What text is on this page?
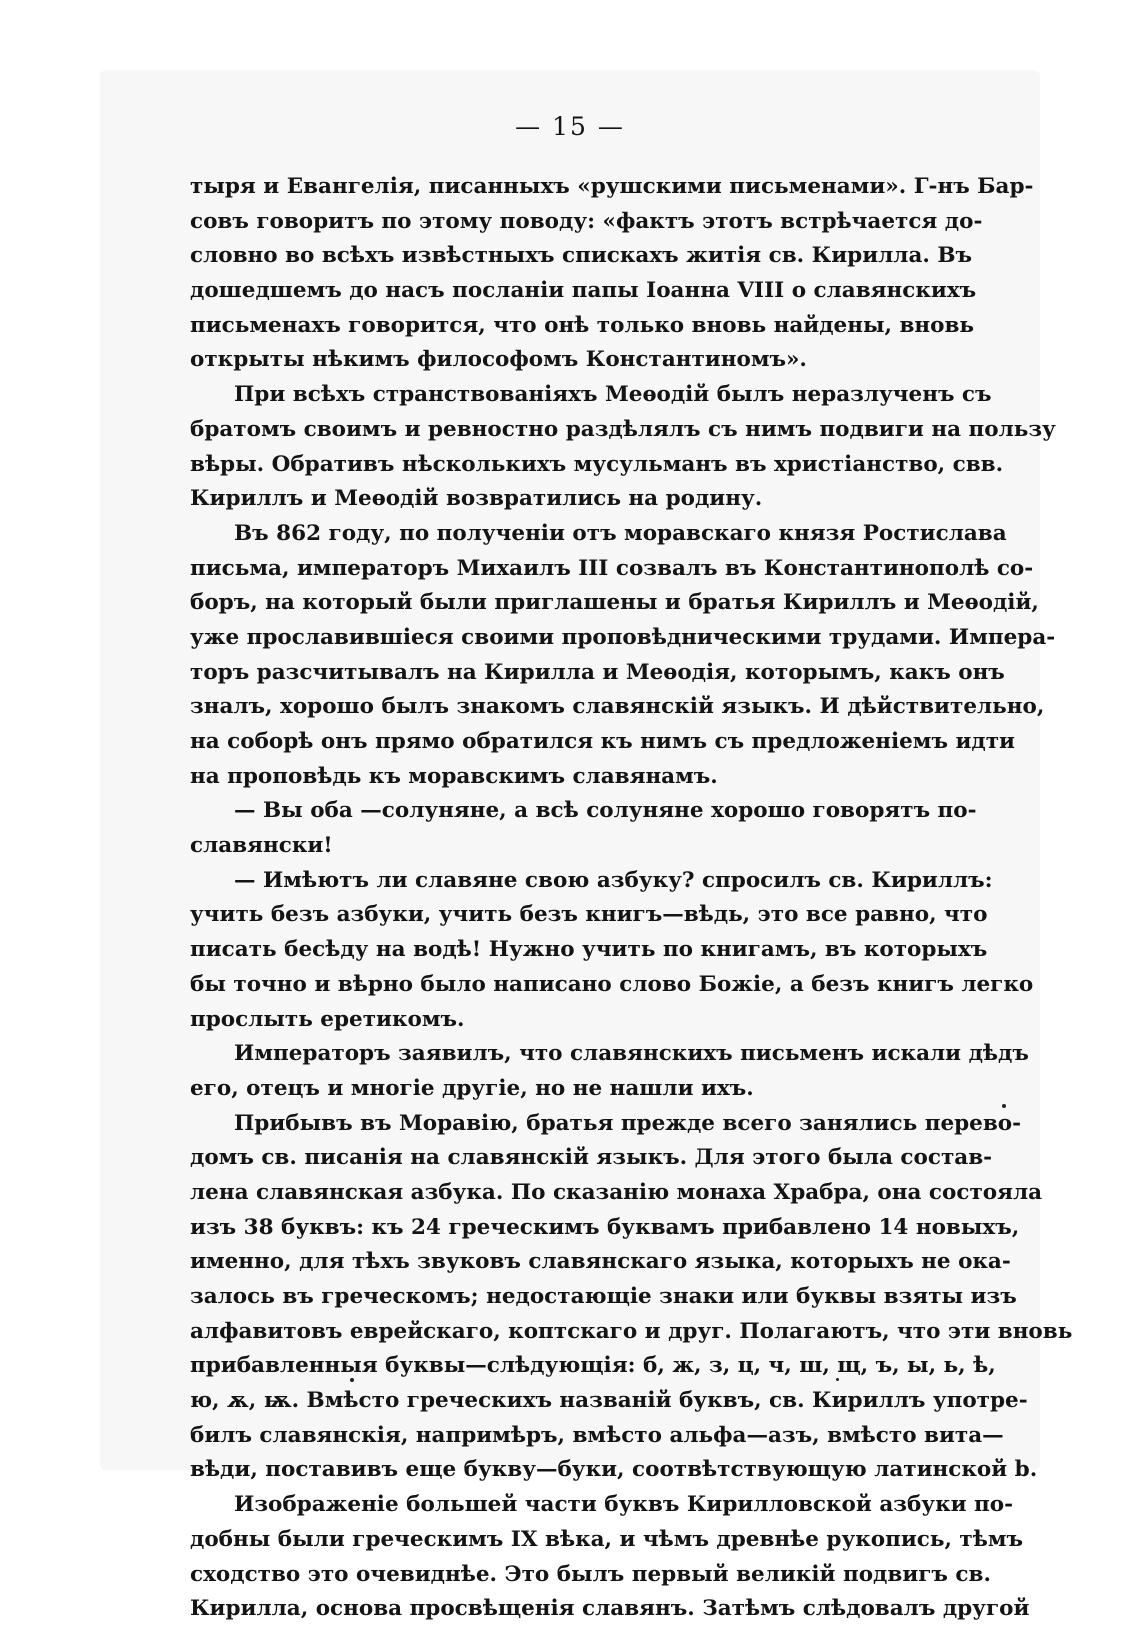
— 15 —
тыря и Евангелія, писанныхъ «рушскими письменами». Г-нъ Бар-
совъ говоритъ по этому поводу: «фактъ этотъ встрѣчается до-
словно во всѣхъ извѣстныхъ спискахъ житія св. Кирилла. Въ
дошедшемъ до насъ посланіи папы Іоанна VIII о славянскихъ
письменахъ говорится, что онѣ только вновь найдены, вновь
открыты нѣкимъ философомъ Константиномъ».
При всѣхъ странствованіяхъ Меѳодій былъ неразлученъ съ
братомъ своимъ и ревностно раздѣлялъ съ нимъ подвиги на пользу
вѣры. Обративъ нѣсколькихъ мусульманъ въ христіанство, свв.
Кириллъ и Меѳодій возвратились на родину.
Въ 862 году, по полученіи отъ моравскаго князя Ростислава
письма, императоръ Михаилъ III созвалъ въ Константинополѣ со-
боръ, на который были приглашены и братья Кириллъ и Меѳодій,
уже прославившіеся своими проповѣдническими трудами. Импера-
торъ разсчитывалъ на Кирилла и Меѳодія, которымъ, какъ онъ
зналъ, хорошо былъ знакомъ славянскій языкъ. И дѣйствительно,
на соборѣ онъ прямо обратился къ нимъ съ предложеніемъ идти
на проповѣдь къ моравскимъ славянамъ.
— Вы оба —солуняне, а всѣ солуняне хорошо говорятъ по-
славянски!
— Имѣютъ ли славяне свою азбуку? спросилъ св. Кириллъ:
учить безъ азбуки, учить безъ книгъ—вѣдь, это все равно, что
писать бесѣду на водѣ! Нужно учить по книгамъ, въ которыхъ
бы точно и вѣрно было написано слово Божіе, а безъ книгъ легко
прослыть еретикомъ.
Императоръ заявилъ, что славянскихъ письменъ искали дѣдъ
его, отецъ и многіе другіе, но не нашли ихъ.
Прибывъ въ Моравію, братья прежде всего занялись перево-
домъ св. писанія на славянскій языкъ. Для этого была состав-
лена славянская азбука. По сказанію монаха Храбра, она состояла
изъ 38 буквъ: къ 24 греческимъ буквамъ прибавлено 14 новыхъ,
именно, для тѣхъ звуковъ славянскаго языка, которыхъ не ока-
залось въ греческомъ; недостающіе знаки или буквы взяты изъ
алфавитовъ еврейскаго, коптскаго и друг. Полагаютъ, что эти вновь
прибавленныя буквы—слѣдующія: б, ж, з, ц, ч, ш, щ, ъ, ы, ь, ѣ,
ю, ѫ, ѭ. Вмѣсто греческихъ названій буквъ, св. Кириллъ употре-
билъ славянскія, напримѣръ, вмѣсто альфа—азъ, вмѣсто вита—
вѣди, поставивъ еще букву—буки, соотвѣтствующую латинской b.
Изображеніе большей части буквъ Кирилловской азбуки по-
добны были греческимъ IX вѣка, и чѣмъ древнѣе рукопись, тѣмъ
сходство это очевиднѣе. Это былъ первый великій подвигъ св.
Кирилла, основа просвѣщенія славянъ. Затѣмъ слѣдовалъ другой
